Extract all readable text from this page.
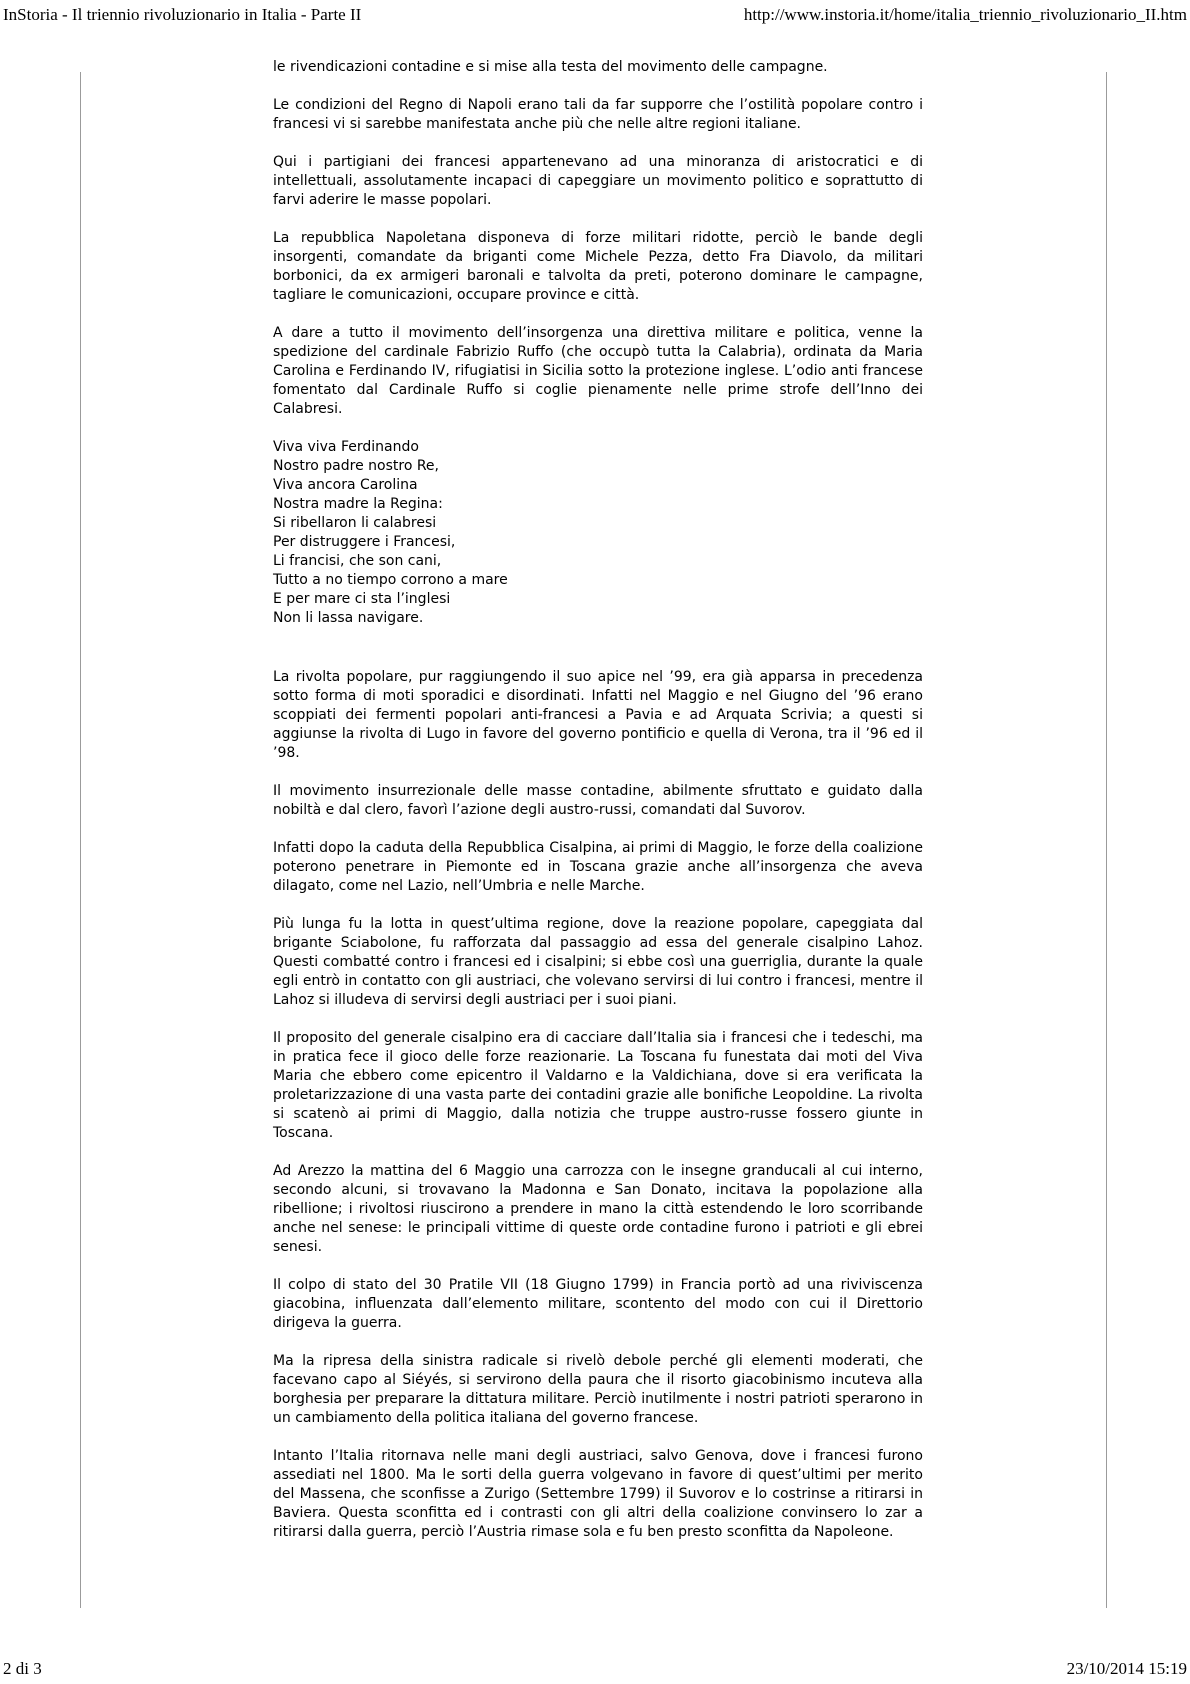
InStoria - Il triennio rivoluzionario in Italia - Parte II	http://www.instoria.it/home/italia_triennio_rivoluzionario_II.htm

le rivendicazioni contadine e si mise alla testa del movimento delle campagne.

Le condizioni del Regno di Napoli erano tali da far supporre che l’ostilità popolare contro i francesi vi si sarebbe manifestata anche più che nelle altre regioni italiane.

Qui i partigiani dei francesi appartenevano ad una minoranza di aristocratici e di intellettuali, assolutamente incapaci di capeggiare un movimento politico e soprattutto di farvi aderire le masse popolari.

La repubblica Napoletana disponeva di forze militari ridotte, perciò le bande degli insorgenti, comandate da briganti come Michele Pezza, detto Fra Diavolo, da militari borbonici, da ex armigeri baronali e talvolta da preti, poterono dominare le campagne, tagliare le comunicazioni, occupare province e città.

A dare a tutto il movimento dell’insorgenza una direttiva militare e politica, venne la spedizione del cardinale Fabrizio Ruffo (che occupò tutta la Calabria), ordinata da Maria Carolina e Ferdinando IV, rifugiatisi in Sicilia sotto la protezione inglese. L’odio anti francese fomentato dal Cardinale Ruffo si coglie pienamente nelle prime strofe dell’Inno dei Calabresi.

Viva viva Ferdinando
Nostro padre nostro Re,
Viva ancora Carolina
Nostra madre la Regina:
Si ribellaron li calabresi
Per distruggere i Francesi,
Li francisi, che son cani,
Tutto a no tiempo corrono a mare
E per mare ci sta l’inglesi
Non li lassa navigare.

La rivolta popolare, pur raggiungendo il suo apice nel ’99, era già apparsa in precedenza sotto forma di moti sporadici e disordinati. Infatti nel Maggio e nel Giugno del ’96 erano scoppiati dei fermenti popolari anti-francesi a Pavia e ad Arquata Scrivia; a questi si aggiunse la rivolta di Lugo in favore del governo pontificio e quella di Verona, tra il ’96 ed il ’98.

Il movimento insurrezionale delle masse contadine, abilmente sfruttato e guidato dalla nobiltà e dal clero, favorì l’azione degli austro-russi, comandati dal Suvorov.

Infatti dopo la caduta della Repubblica Cisalpina, ai primi di Maggio, le forze della coalizione poterono penetrare in Piemonte ed in Toscana grazie anche all’insorgenza che aveva dilagato, come nel Lazio, nell’Umbria e nelle Marche.

Più lunga fu la lotta in quest’ultima regione, dove la reazione popolare, capeggiata dal brigante Sciabolone, fu rafforzata dal passaggio ad essa del generale cisalpino Lahoz. Questi combatté contro i francesi ed i cisalpini; si ebbe così una guerriglia, durante la quale egli entrò in contatto con gli austriaci, che volevano servirsi di lui contro i francesi, mentre il Lahoz si illudeva di servirsi degli austriaci per i suoi piani.

Il proposito del generale cisalpino era di cacciare dall’Italia sia i francesi che i tedeschi, ma in pratica fece il gioco delle forze reazionarie. La Toscana fu funestata dai moti del Viva Maria che ebbero come epicentro il Valdarno e la Valdichiana, dove si era verificata la proletarizzazione di una vasta parte dei contadini grazie alle bonifiche Leopoldine. La rivolta si scatenò ai primi di Maggio, dalla notizia che truppe austro-russe fossero giunte in Toscana.

Ad Arezzo la mattina del 6 Maggio una carrozza con le insegne granducali al cui interno, secondo alcuni, si trovavano la Madonna e San Donato, incitava la popolazione alla ribellione; i rivoltosi riuscirono a prendere in mano la città estendendo le loro scorribande anche nel senese: le principali vittime di queste orde contadine furono i patrioti e gli ebrei senesi.

Il colpo di stato del 30 Pratile VII (18 Giugno 1799) in Francia portò ad una riviviscenza giacobina, influenzata dall’elemento militare, scontento del modo con cui il Direttorio dirigeva la guerra.

Ma la ripresa della sinistra radicale si rivelò debole perché gli elementi moderati, che facevano capo al Siéyés, si servirono della paura che il risorto giacobinismo incuteva alla borghesia per preparare la dittatura militare. Perciò inutilmente i nostri patrioti sperarono in un cambiamento della politica italiana del governo francese.

Intanto l’Italia ritornava nelle mani degli austriaci, salvo Genova, dove i francesi furono assediati nel 1800. Ma le sorti della guerra volgevano in favore di quest’ultimi per merito del Massena, che sconfisse a Zurigo (Settembre 1799) il Suvorov e lo costrinse a ritirarsi in Baviera. Questa sconfitta ed i contrasti con gli altri della coalizione convinsero lo zar a ritirarsi dalla guerra, perciò l’Austria rimase sola e fu ben presto sconfitta da Napoleone.

2 di 3	23/10/2014 15:19
